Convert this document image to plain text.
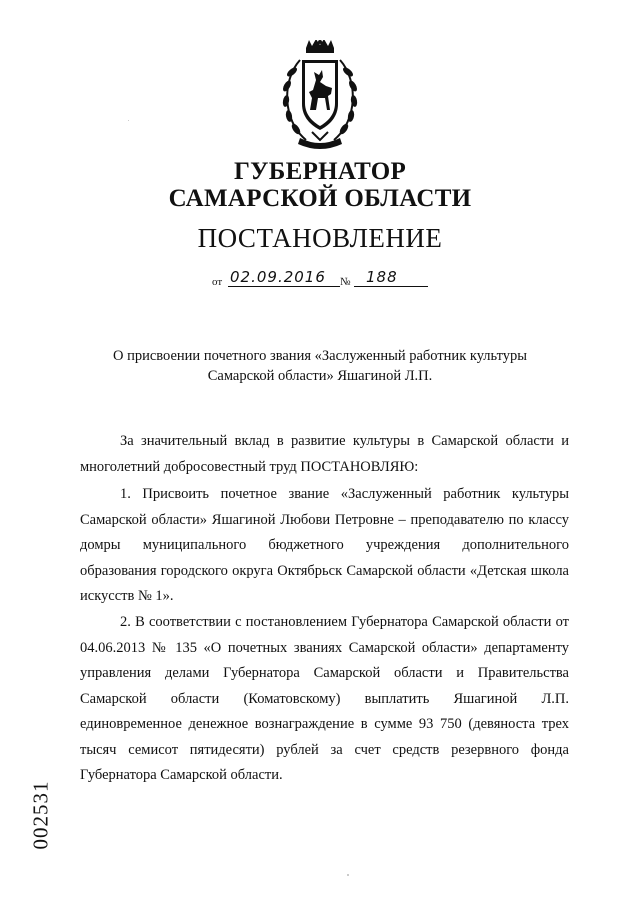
ГУБЕРНАТОР
САМАРСКОЙ ОБЛАСТИ
ПОСТАНОВЛЕНИЕ
от 02.09.2016 № 188
О присвоении почетного звания «Заслуженный работник культуры
Самарской области» Яшагиной Л.П.

За значительный вклад в развитие культуры в Самарской области и многолетний добросовестный труд ПОСТАНОВЛЯЮ:

1. Присвоить почетное звание «Заслуженный работник культуры Самарской области» Яшагиной Любови Петровне – преподавателю по классу домры муниципального бюджетного учреждения дополнительного образования городского округа Октябрьск Самарской области «Детская школа искусств № 1».

2. В соответствии с постановлением Губернатора Самарской области от 04.06.2013 № 135 «О почетных званиях Самарской области» департаменту управления делами Губернатора Самарской области и Правительства Самарской области (Коматовскому) выплатить Яшагиной Л.П. единовременное денежное вознаграждение в сумме 93 750 (девяноста трех тысяч семисот пятидесяти) рублей за счет средств резервного фонда Губернатора Самарской области.

002531
